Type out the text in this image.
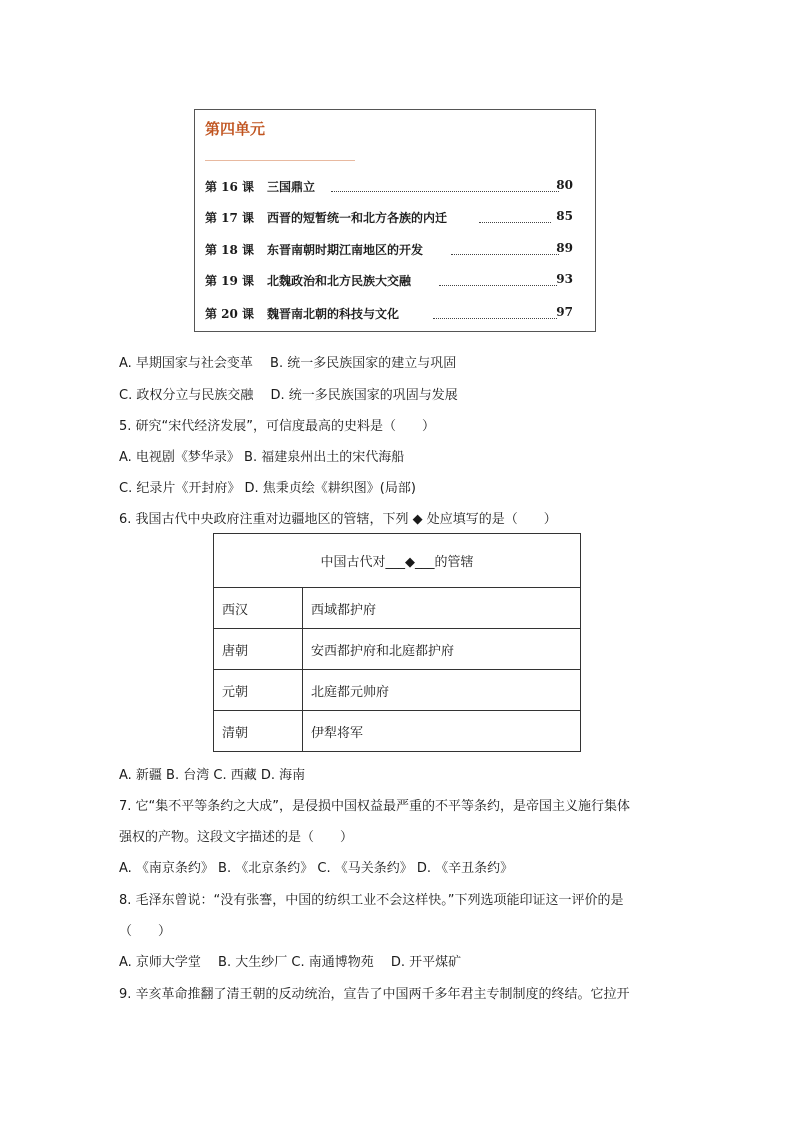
第四单元
第 16 课 三国鼎立	80
第 17 课 西晋的短暂统一和北方各族的内迁	85
第 18 课 东晋南朝时期江南地区的开发	89
第 19 课 北魏政治和北方民族大交融	93
第 20 课 魏晋南北朝的科技与文化	97
A. 早期国家与社会变革　 B. 统一多民族国家的建立与巩固
C. 政权分立与民族交融　 D. 统一多民族国家的巩固与发展
5. 研究“宋代经济发展”，可信度最高的史料是（　　）
A. 电视剧《梦华录》 B. 福建泉州出土的宋代海船
C. 纪录片《开封府》 D. 焦秉贞绘《耕织图》(局部)
6. 我国古代中央政府注重对边疆地区的管辖，下列 ◆ 处应填写的是（　　）
中国古代对___◆___的管辖	
西汉	西域都护府
唐朝	安西都护府和北庭都护府
元朝	北庭都元帅府
清朝	伊犁将军
A. 新疆 B. 台湾 C. 西藏 D. 海南
7. 它“集不平等条约之大成”，是侵损中国权益最严重的不平等条约，是帝国主义施行集体
强权的产物。这段文字描述的是（　　）
A. 《南京条约》 B. 《北京条约》 C. 《马关条约》 D. 《辛丑条约》
8. 毛泽东曾说：“没有张謇，中国的纺织工业不会这样快。”下列选项能印证这一评价的是
（　　）
A. 京师大学堂　 B. 大生纱厂 C. 南通博物苑　 D. 开平煤矿
9. 辛亥革命推翻了清王朝的反动统治，宣告了中国两千多年君主专制制度的终结。它拉开
